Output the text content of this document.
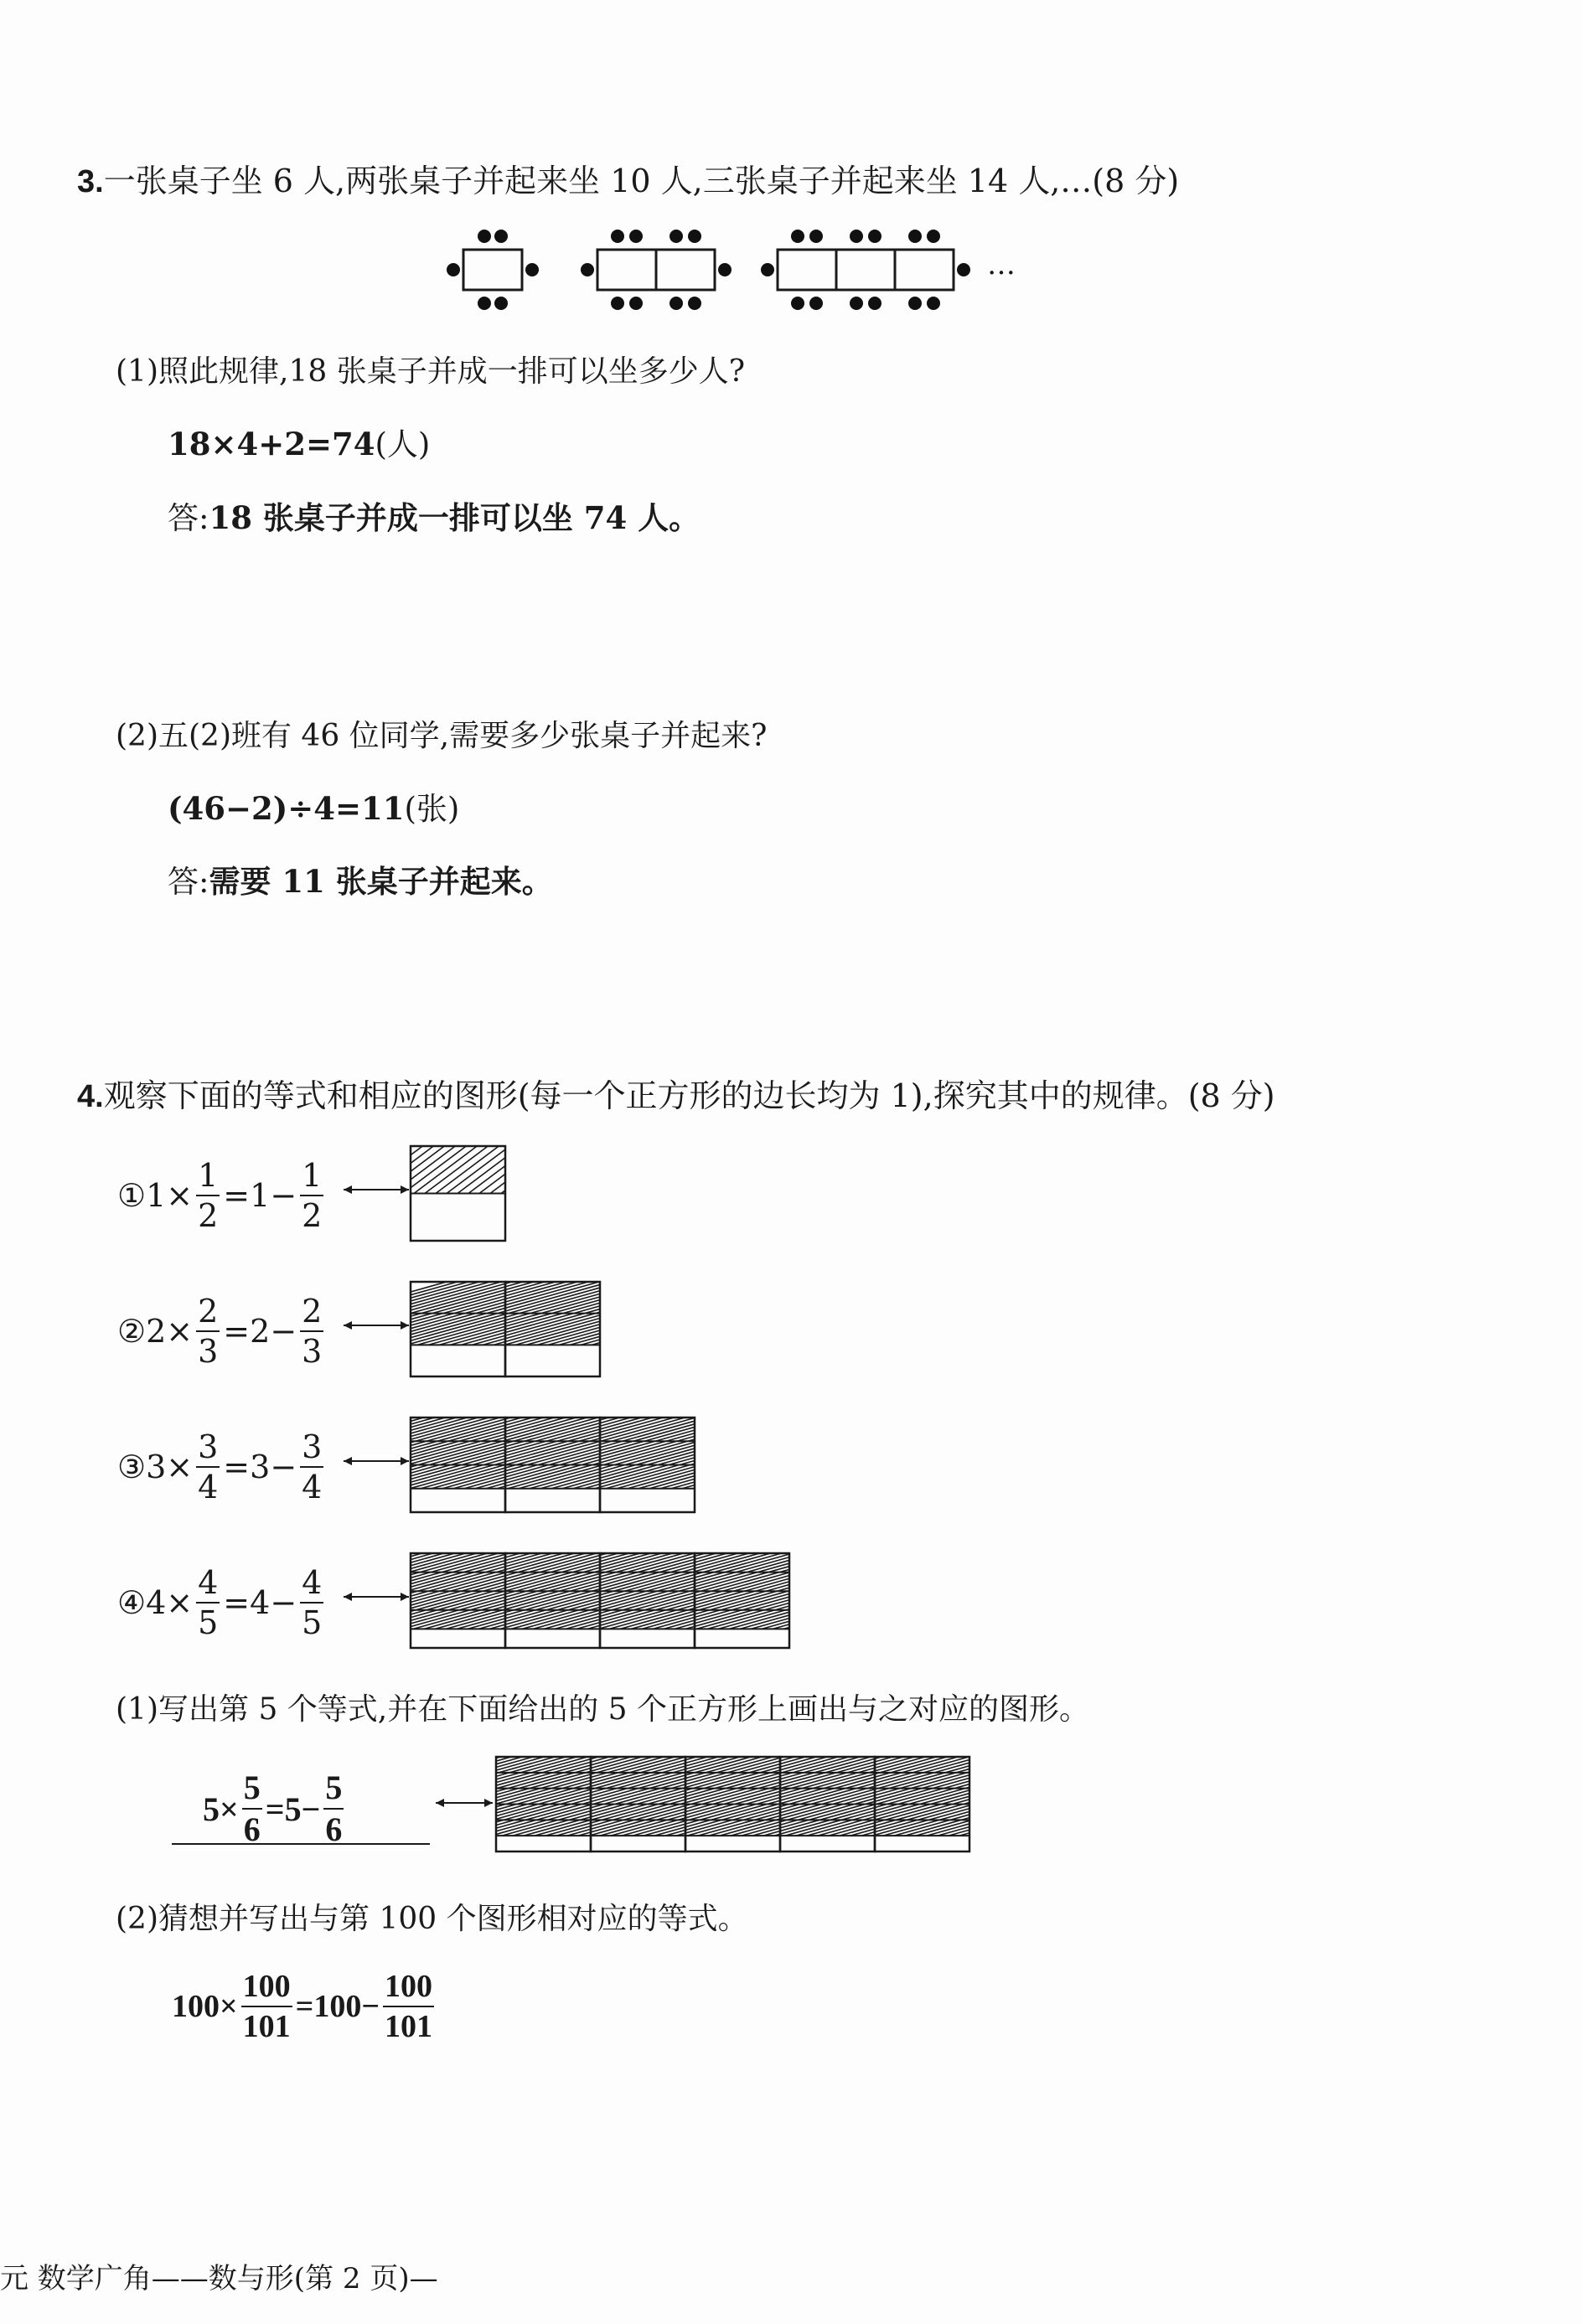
3.一张桌子坐 6 人,两张桌子并起来坐 10 人,三张桌子并起来坐 14 人,…(8 分)
…
(1)照此规律,18 张桌子并成一排可以坐多少人?
18×4+2=74(人)
答:18 张桌子并成一排可以坐 74 人。
(2)五(2)班有 46 位同学,需要多少张桌子并起来?
(46−2)÷4=11(张)
答:需要 11 张桌子并起来。
4.观察下面的等式和相应的图形(每一个正方形的边长均为 1),探究其中的规律。(8 分)
① $1 \times \frac{1}{2} = 1 - \frac{1}{2}$
② $2 \times \frac{2}{3} = 2 - \frac{2}{3}$
③ $3 \times \frac{3}{4} = 3 - \frac{3}{4}$
④ $4 \times \frac{4}{5} = 4 - \frac{4}{5}$
(1)写出第 5 个等式,并在下面给出的 5 个正方形上画出与之对应的图形。
$5 \times \frac{5}{6} = 5 - \frac{5}{6}$
(2)猜想并写出与第 100 个图形相对应的等式。
$100 \times \frac{100}{101} = 100 - \frac{100}{101}$
元 数学广角——数与形(第 2 页)—
